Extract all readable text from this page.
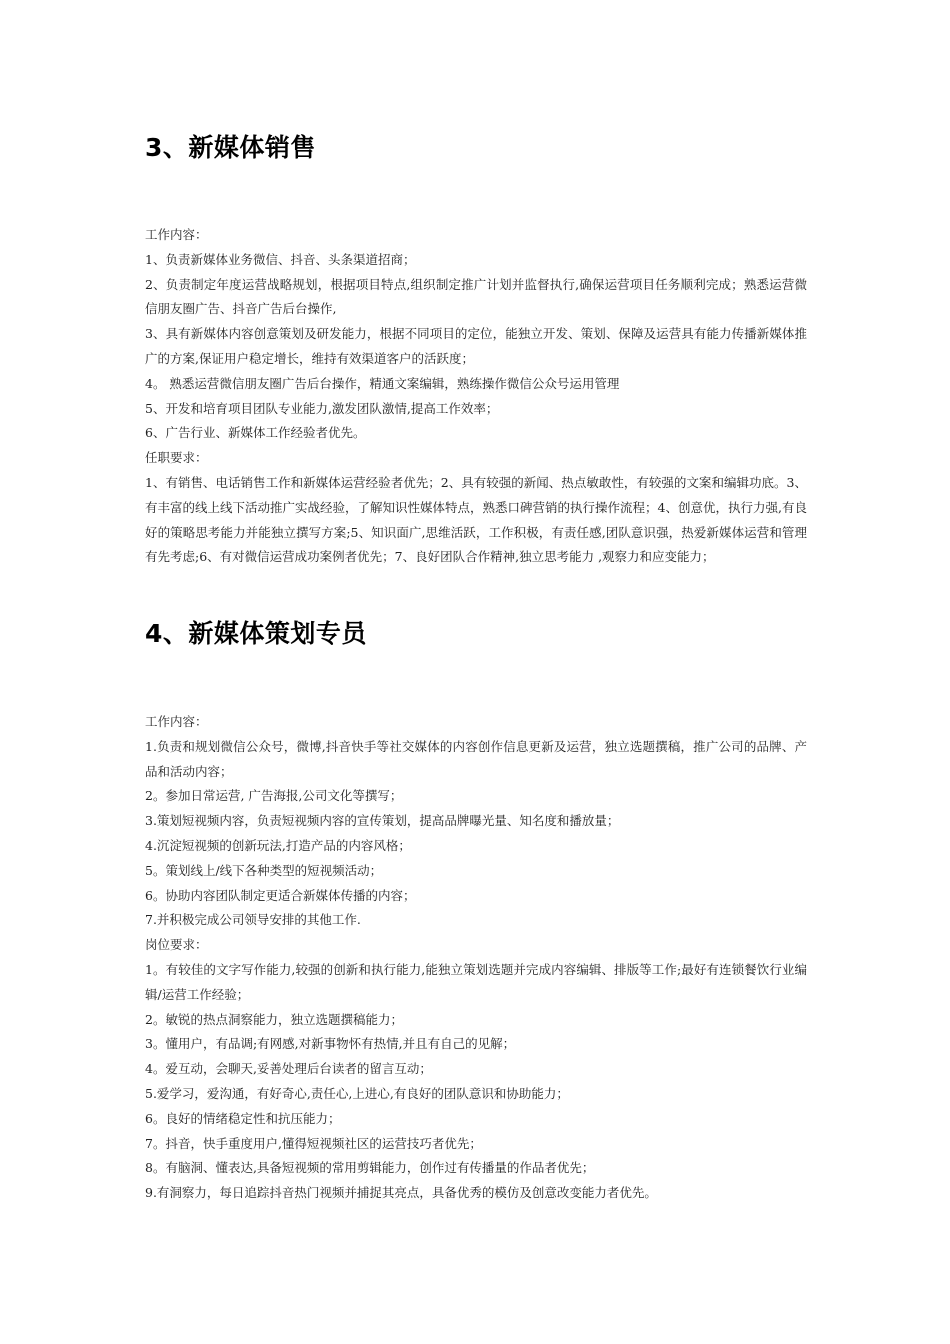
3、新媒体销售

工作内容：

1、负责新媒体业务微信、抖音、头条渠道招商；

2、负责制定年度运营战略规划，根据项目特点,组织制定推广计划并监督执行,确保运营项目任务顺利完成；熟悉运营微信朋友圈广告、抖音广告后台操作,

3、具有新媒体内容创意策划及研发能力，根据不同项目的定位，能独立开发、策划、保障及运营具有能力传播新媒体推广的方案,保证用户稳定增长，维持有效渠道客户的活跃度；

4。 熟悉运营微信朋友圈广告后台操作，精通文案编辑，熟练操作微信公众号运用管理

5、开发和培育项目团队专业能力,激发团队激情,提高工作效率；

6、广告行业、新媒体工作经验者优先。

任职要求：

1、有销售、电话销售工作和新媒体运营经验者优先；2、具有较强的新闻、热点敏敢性，有较强的文案和编辑功底。3、有丰富的线上线下活动推广实战经验，了解知识性媒体特点，熟悉口碑营销的执行操作流程；4、创意优，执行力强,有良好的策略思考能力并能独立撰写方案;5、知识面广,思维活跃，工作积极，有责任感,团队意识强，热爱新媒体运营和管理有先考虑;6、有对微信运营成功案例者优先；7、良好团队合作精神,独立思考能力 ,观察力和应变能力；

4、新媒体策划专员

工作内容：

1.负责和规划微信公众号，微博,抖音快手等社交媒体的内容创作信息更新及运营，独立选题撰稿，推广公司的品牌、产品和活动内容；

2。参加日常运营, 广告海报,公司文化等撰写；

3.策划短视频内容，负责短视频内容的宣传策划，提高品牌曝光量、知名度和播放量；

4.沉淀短视频的创新玩法,打造产品的内容风格；

5。策划线上/线下各种类型的短视频活动；

6。协助内容团队制定更适合新媒体传播的内容；

7.并积极完成公司领导安排的其他工作.

岗位要求：

1。有较佳的文字写作能力,较强的创新和执行能力,能独立策划选题并完成内容编辑、排版等工作;最好有连锁餐饮行业编辑/运营工作经验；

2。敏锐的热点洞察能力，独立选题撰稿能力；

3。懂用户，有品调;有网感,对新事物怀有热情,并且有自己的见解；

4。爱互动，会聊天,妥善处理后台读者的留言互动；

5.爱学习，爱沟通，有好奇心,责任心,上进心,有良好的团队意识和协助能力；

6。良好的情绪稳定性和抗压能力；

7。抖音，快手重度用户,懂得短视频社区的运营技巧者优先；

8。有脑洞、懂表达,具备短视频的常用剪辑能力，创作过有传播量的作品者优先；

9.有洞察力，每日追踪抖音热门视频并捕捉其亮点，具备优秀的模仿及创意改变能力者优先。
